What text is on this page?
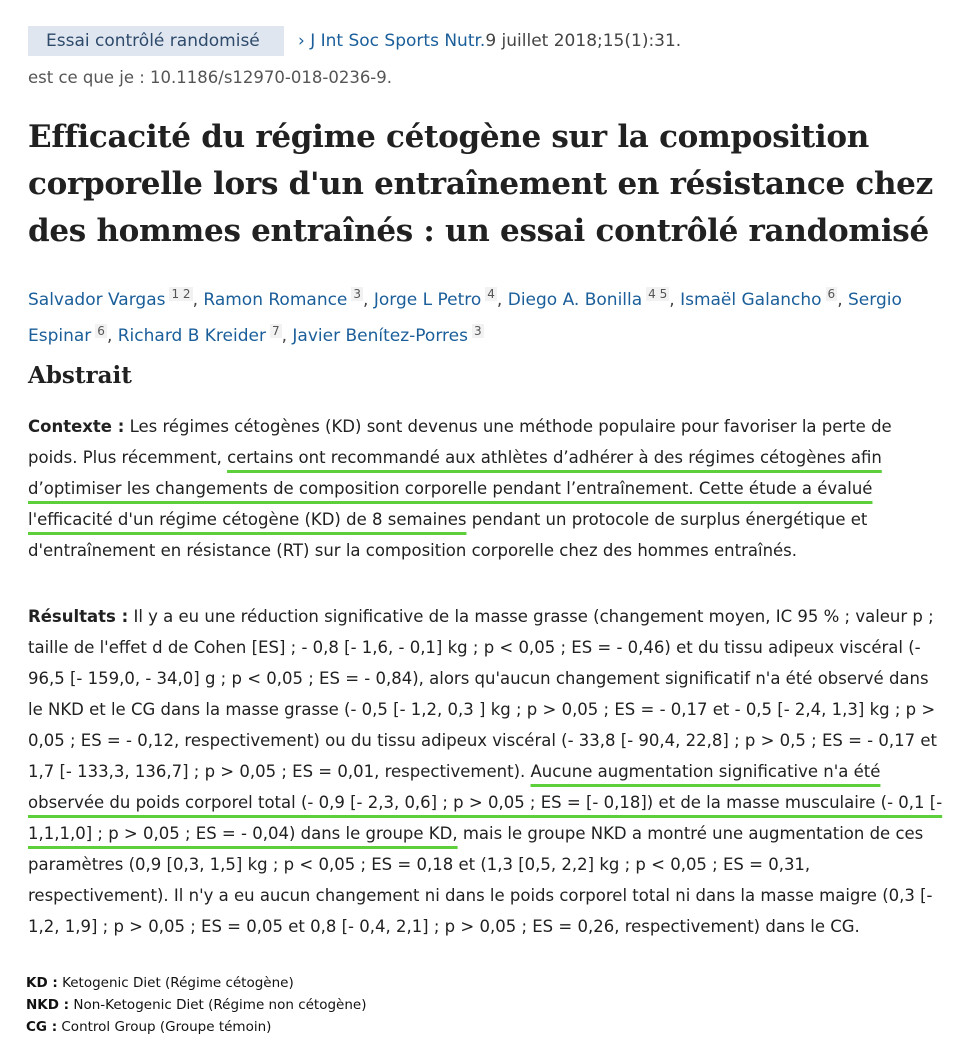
Essai contrôlé randomisé	› J Int Soc Sports Nutr.9 juillet 2018;15(1):31.
est ce que je : 10.1186/s12970-018-0236-9.
Efficacité du régime cétogène sur la composition corporelle lors d'un entraînement en résistance chez des hommes entraînés : un essai contrôlé randomisé
Salvador Vargas $^{1 2}$ , Ramon Romance $^3$ , Jorge L Petro $^4$ , Diego A. Bonilla $^{4 5}$ , Ismaël Galancho $^6$ , Sergio Espinar $^6$ , Richard B Kreider $^7$ , Javier Benítez-Porres $^3$
Abstrait

Contexte : Les régimes cétogènes (KD) sont devenus une méthode populaire pour favoriser la perte de poids. Plus récemment, certains ont recommandé aux athlètes d’adhérer à des régimes cétogènes afin d’optimiser les changements de composition corporelle pendant l’entraînement. Cette étude a évalué l'efficacité d'un régime cétogène (KD) de 8 semaines pendant un protocole de surplus énergétique et d'entraînement en résistance (RT) sur la composition corporelle chez des hommes entraînés.

Résultats : Il y a eu une réduction significative de la masse grasse (changement moyen, IC 95 % ; valeur p ; taille de l'effet d de Cohen [ES] ; - 0,8 [- 1,6, - 0,1] kg ; p < 0,05 ; ES = - 0,46) et du tissu adipeux viscéral (- 96,5 [- 159,0, - 34,0] g ; p < 0,05 ; ES = - 0,84), alors qu'aucun changement significatif n'a été observé dans le NKD et le CG dans la masse grasse (- 0,5 [- 1,2, 0,3 ] kg ; p > 0,05 ; ES = - 0,17 et - 0,5 [- 2,4, 1,3] kg ; p > 0,05 ; ES = - 0,12, respectivement) ou du tissu adipeux viscéral (- 33,8 [- 90,4, 22,8] ; p > 0,5 ; ES = - 0,17 et 1,7 [- 133,3, 136,7] ; p > 0,05 ; ES = 0,01, respectivement). Aucune augmentation significative n'a été observée du poids corporel total (- 0,9 [- 2,3, 0,6] ; p > 0,05 ; ES = [- 0,18]) et de la masse musculaire (- 0,1 [- 1,1,1,0] ; p > 0,05 ; ES = - 0,04) dans le groupe KD, mais le groupe NKD a montré une augmentation de ces paramètres (0,9 [0,3, 1,5] kg ; p < 0,05 ; ES = 0,18 et (1,3 [0,5, 2,2] kg ; p < 0,05 ; ES = 0,31, respectivement). Il n'y a eu aucun changement ni dans le poids corporel total ni dans la masse maigre (0,3 [- 1,2, 1,9] ; p > 0,05 ; ES = 0,05 et 0,8 [- 0,4, 2,1] ; p > 0,05 ; ES = 0,26, respectivement) dans le CG.

KD : Ketogenic Diet (Régime cétogène)
NKD : Non-Ketogenic Diet (Régime non cétogène)
CG : Control Group (Groupe témoin)
